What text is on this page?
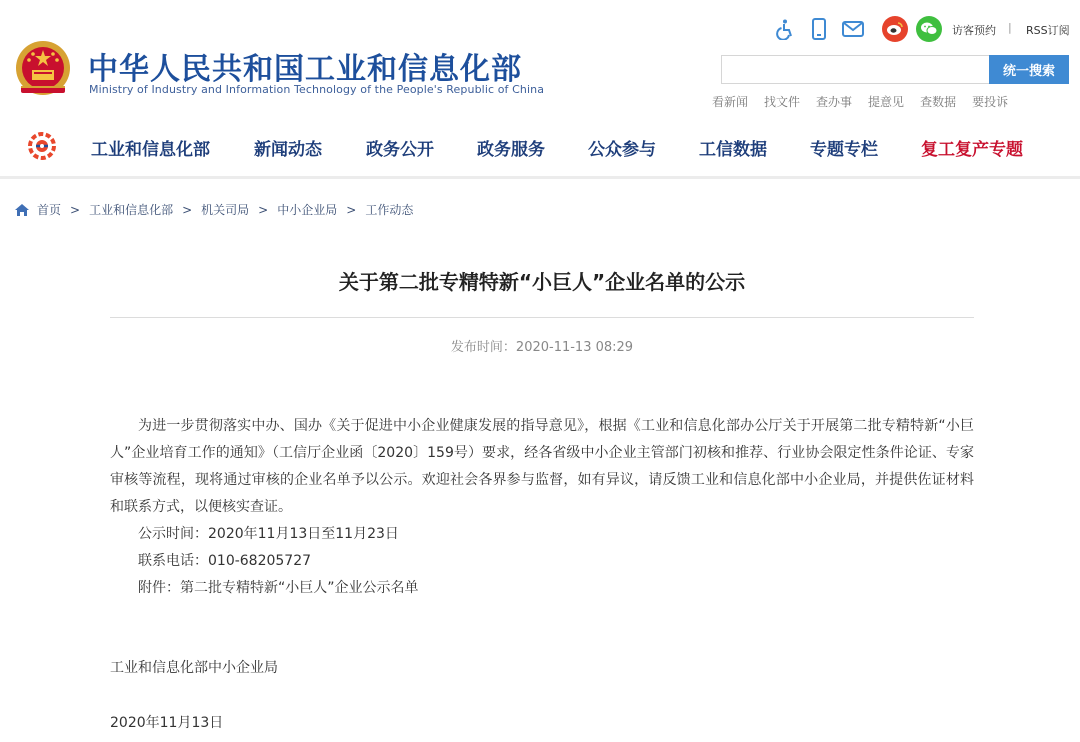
中华人民共和国工业和信息化部
Ministry of Industry and Information Technology of the People's Republic of China
访客预约 | RSS订阅
统一搜索
看新闻 找文件 查办事 提意见 查数据 要投诉
工业和信息化部	新闻动态	政务公开	政务服务	公众参与	工信数据	专题专栏	复工复产专题
首页 > 工业和信息化部 > 机关司局 > 中小企业局 > 工作动态
关于第二批专精特新“小巨人”企业名单的公示
发布时间：2020-11-13 08:29

为进一步贯彻落实中办、国办《关于促进中小企业健康发展的指导意见》，根据《工业和信息化部办公厅关于开展第二批专精特新“小巨人”企业培育工作的通知》（工信厅企业函〔2020〕159号）要求，经各省级中小企业主管部门初核和推荐、行业协会限定性条件论证、专家审核等流程，现将通过审核的企业名单予以公示。欢迎社会各界参与监督，如有异议，请反馈工业和信息化部中小企业局，并提供佐证材料和联系方式，以便核实查证。

公示时间：2020年11月13日至11月23日

联系电话：010-68205727

附件：第二批专精特新“小巨人”企业公示名单

工业和信息化部中小企业局
2020年11月13日
